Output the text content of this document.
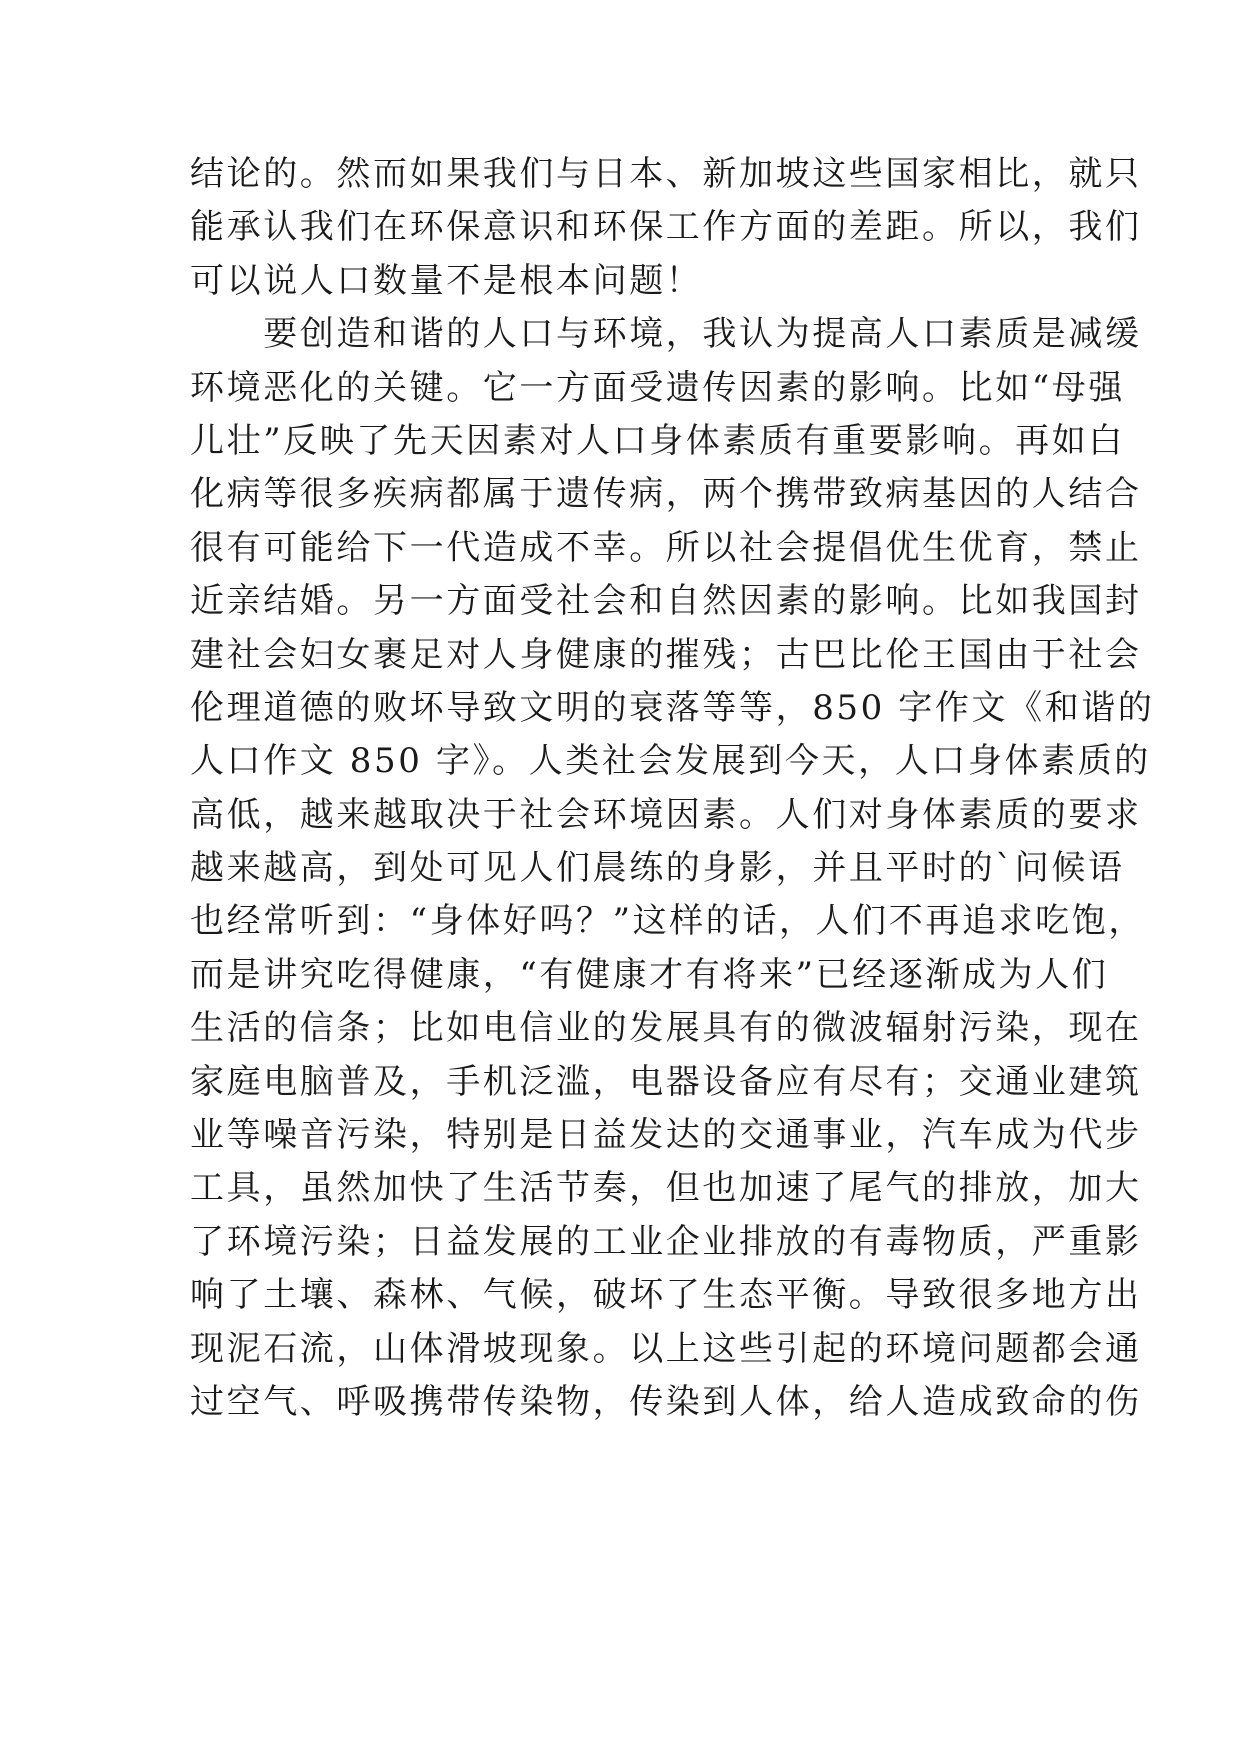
结论的。然而如果我们与日本、新加坡这些国家相比，就只
能承认我们在环保意识和环保工作方面的差距。所以，我们
可以说人口数量不是根本问题！
　　要创造和谐的人口与环境，我认为提高人口素质是减缓
环境恶化的关键。它一方面受遗传因素的影响。比如“母强
儿壮”反映了先天因素对人口身体素质有重要影响。再如白
化病等很多疾病都属于遗传病，两个携带致病基因的人结合
很有可能给下一代造成不幸。所以社会提倡优生优育，禁止
近亲结婚。另一方面受社会和自然因素的影响。比如我国封
建社会妇女裹足对人身健康的摧残；古巴比伦王国由于社会
伦理道德的败坏导致文明的衰落等等，850 字作文《和谐的
人口作文 850 字》。人类社会发展到今天，人口身体素质的
高低，越来越取决于社会环境因素。人们对身体素质的要求
越来越高，到处可见人们晨练的身影，并且平时的`问候语
也经常听到：“身体好吗？”这样的话，人们不再追求吃饱，
而是讲究吃得健康，“有健康才有将来”已经逐渐成为人们
生活的信条；比如电信业的发展具有的微波辐射污染，现在
家庭电脑普及，手机泛滥，电器设备应有尽有；交通业建筑
业等噪音污染，特别是日益发达的交通事业，汽车成为代步
工具，虽然加快了生活节奏，但也加速了尾气的排放，加大
了环境污染；日益发展的工业企业排放的有毒物质，严重影
响了土壤、森林、气候，破坏了生态平衡。导致很多地方出
现泥石流，山体滑坡现象。以上这些引起的环境问题都会通
过空气、呼吸携带传染物，传染到人体，给人造成致命的伤
